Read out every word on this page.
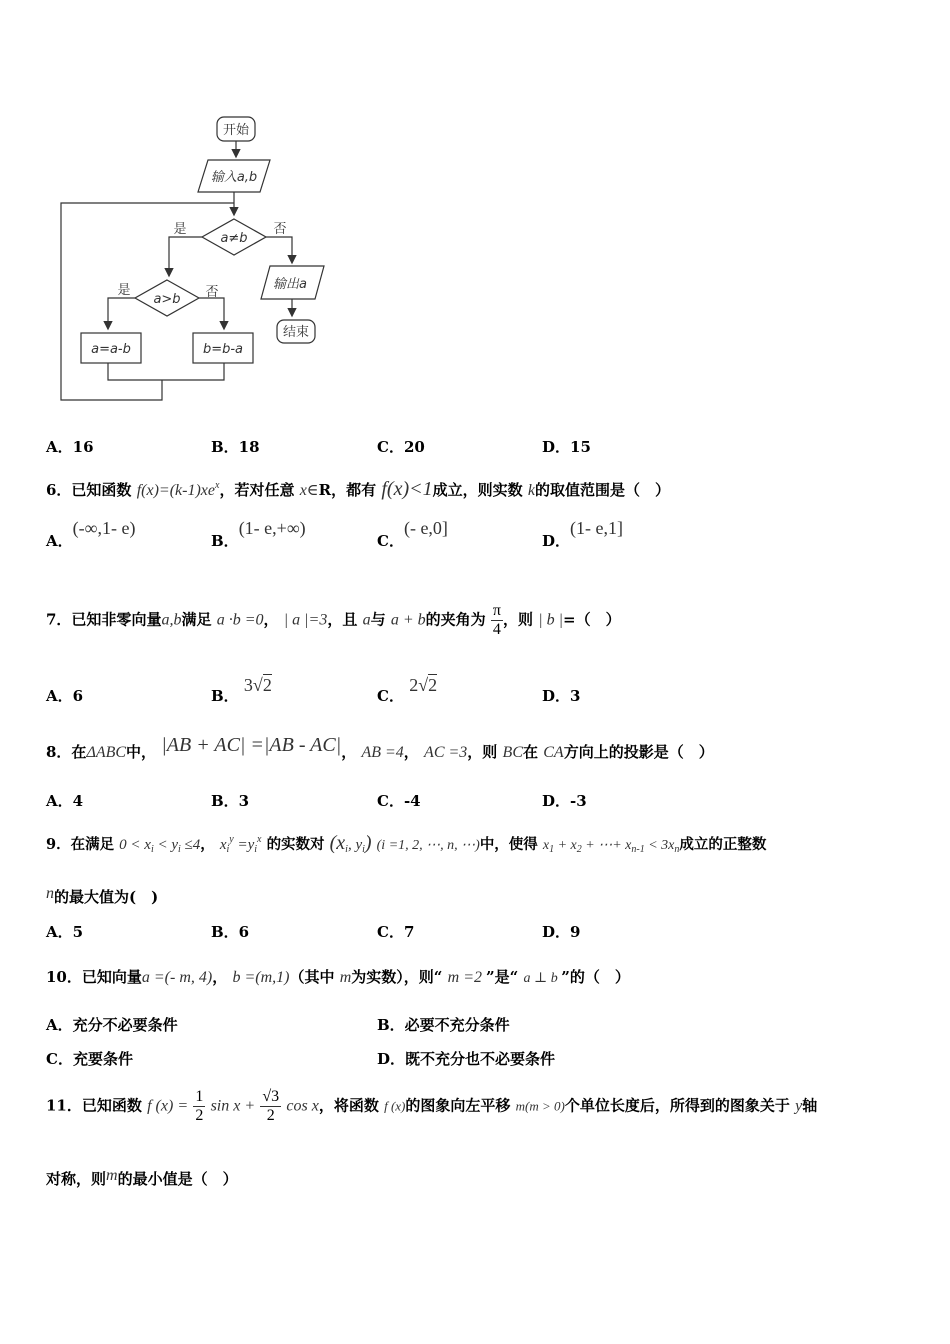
开始
输入a,b
a≠b
是	否
输出a
结束
a>b
是	否
a=a-b	b=b-a
A．16	B．18	C．20	D．15
6．已知函数 $f(x)=(k-1)xe^x$，若对任意 x∈R，都有 f(x)<1成立，则实数 k的取值范围是（　）
A．(-∞,1- e)
B．(1- e,+∞)
C．(- e,0]
D．(1- e,1]
7．已知非零向量a,b满足 a ·b =0， | a |=3，且 a与 a + b的夹角为 $\frac{\pi}{4}$ ，则 | b |=（　）
A．6	B． 3√2
C． 2√2
D．3
8．在ΔABC中， |AB + AC| =|AB - AC|， AB =4， AC =3，则 BC在 CA方向上的投影是（　）
A．4	B．3	C．-4	D．-3
9．在满足 $0 < x_i < y_i \le 4$， $x_i^y =y_i^x$ 的实数对 ($x_i$, $y_i$) (i =1, 2, ⋯, n, ⋯)中，使得 $x_1 + x_2$ + ⋯+ $x_{n-1} < 3x_n$成立的正整数
n的最大值为(　)
A．5	B．6	C．7	D．9
10．已知向量a =(- m, 4)， b =(m,1)（其中 m为实数），则“ m =2 ”是“ a ⊥ b ”的（　）
A．充分不必要条件	B．必要不充分条件
C．充要条件	D．既不充分也不必要条件
11．已知函数 f $(x) = \frac{1}{2}$ $\sin x + \frac{√3}{2}$ cos x，将函数 f (x)的图象向左平移 m(m > 0)个单位长度后，所得到的图象关于 y轴
对称，则m的最小值是（　）
